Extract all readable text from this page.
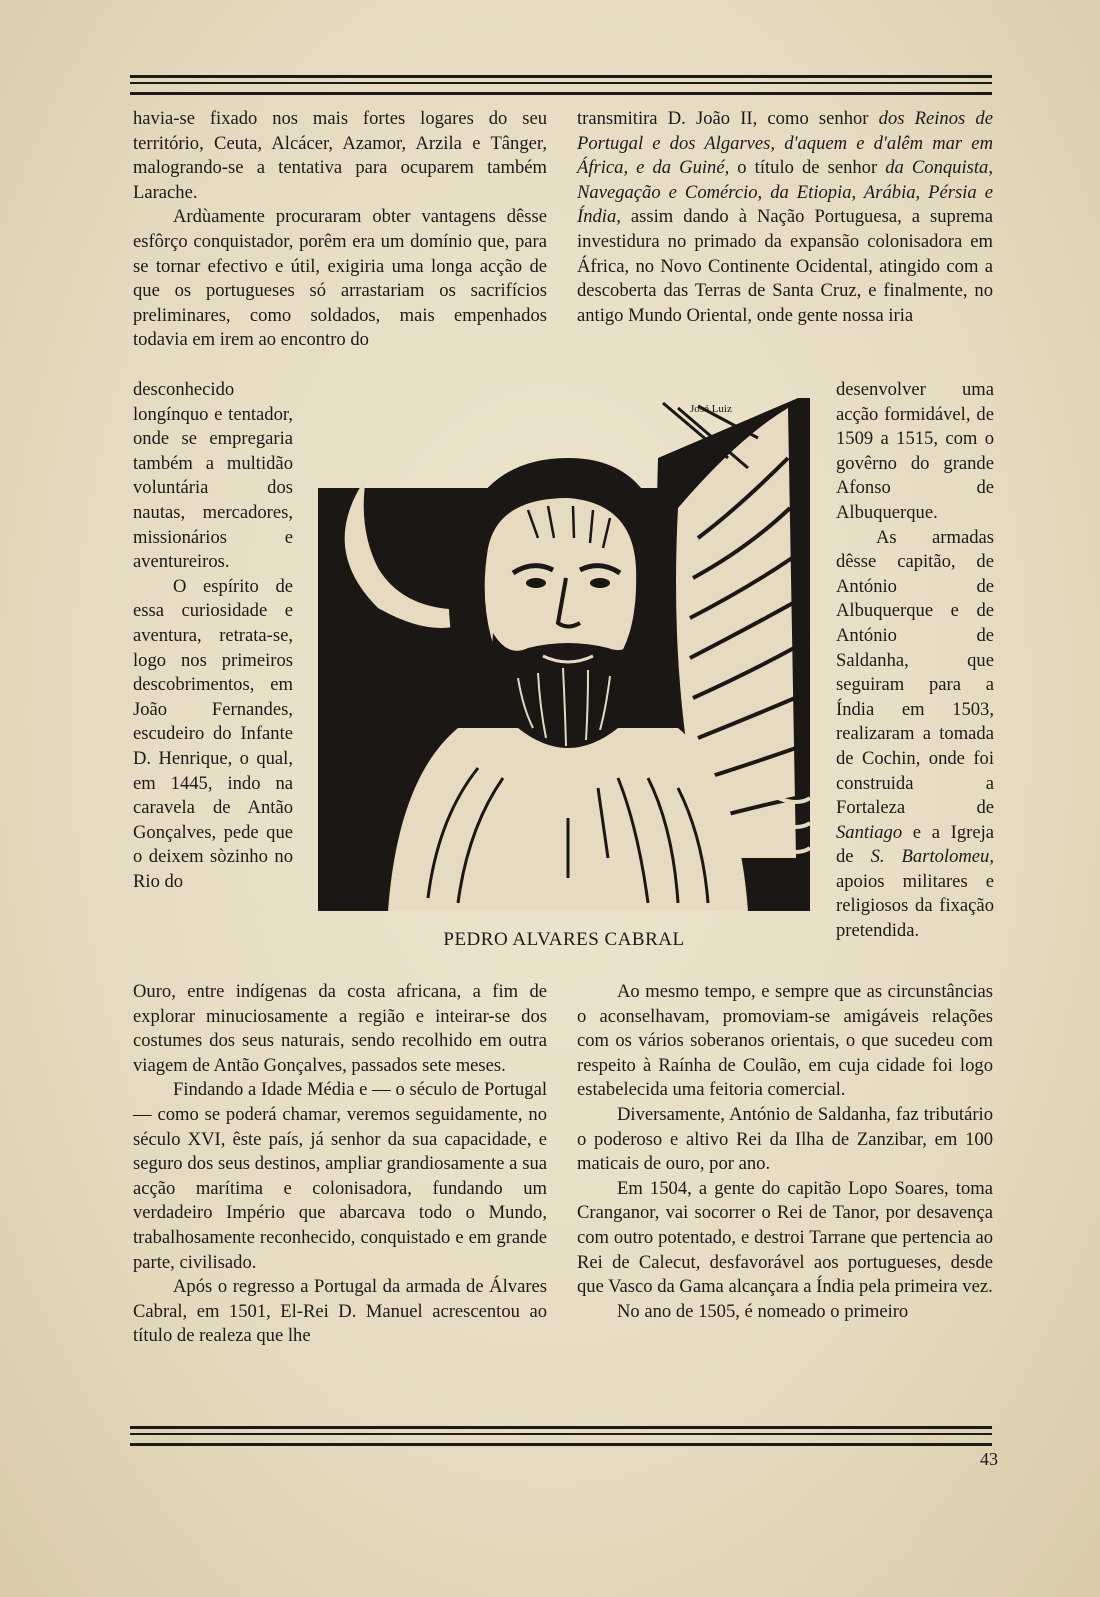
havia-se fixado nos mais fortes logares do seu território, Ceuta, Alcácer, Azamor, Arzila e Tânger, malogrando-se a tentativa para ocuparem também Larache.

Ardùamente procuraram obter vantagens dêsse esfôrço conquistador, porêm era um domínio que, para se tornar efectivo e útil, exigiria uma longa acção de que os portugueses só arrastariam os sacrifícios preliminares, como soldados, mais empenhados todavia em irem ao encontro do

desconhecido longínquo e tentador, onde se empregaria também a multidão voluntária dos nautas, mercadores, missionários e aventureiros.

O espírito de essa curiosidade e aventura, retrata-se, logo nos primeiros descobrimentos, em João Fernandes, escudeiro do Infante D. Henrique, o qual, em 1445, indo na caravela de Antão Gonçalves, pede que o deixem sòzinho no Rio do

Ouro, entre indígenas da costa africana, a fim de explorar minuciosamente a região e inteirar-se dos costumes dos seus naturais, sendo recolhido em outra viagem de Antão Gonçalves, passados sete meses.

Findando a Idade Média e — o século de Portugal — como se poderá chamar, veremos seguidamente, no século XVI, êste país, já senhor da sua capacidade, e seguro dos seus destinos, ampliar grandiosamente a sua acção marítima e colonisadora, fundando um verdadeiro Império que abarcava todo o Mundo, trabalhosamente reconhecido, conquistado e em grande parte, civilisado.

Após o regresso a Portugal da armada de Álvares Cabral, em 1501, El-Rei D. Manuel acrescentou ao título de realeza que lhe

transmitira D. João II, como senhor dos Reinos de Portugal e dos Algarves, d'aquem e d'alêm mar em África, e da Guiné, o título de senhor da Conquista, Navegação e Comércio, da Etiopia, Arábia, Pérsia e Índia, assim dando à Nação Portuguesa, a suprema investidura no primado da expansão colonisadora em África, no Novo Continente Ocidental, atingido com a descoberta das Terras de Santa Cruz, e finalmente, no antigo Mundo Oriental, onde gente nossa iria

desenvolver uma acção formidável, de 1509 a 1515, com o govêrno do grande Afonso de Albuquerque.

As armadas dêsse capitão, de António de Albuquerque e de António de Saldanha, que seguiram para a Índia em 1503, realizaram a tomada de Cochin, onde foi construida a Fortaleza de Santiago e a Igreja de S. Bartolomeu, apoios militares e religiosos da fixação pretendida.

Ao mesmo tempo, e sempre que as circunstâncias o aconselhavam, promoviam-se amigáveis relações com os vários soberanos orientais, o que sucedeu com respeito à Raínha de Coulão, em cuja cidade foi logo estabelecida uma feitoria comercial.

Diversamente, António de Saldanha, faz tributário o poderoso e altivo Rei da Ilha de Zanzibar, em 100 maticais de ouro, por ano.

Em 1504, a gente do capitão Lopo Soares, toma Cranganor, vai socorrer o Rei de Tanor, por desavença com outro potentado, e destroi Tarrane que pertencia ao Rei de Calecut, desfavorável aos portugueses, desde que Vasco da Gama alcançara a Índia pela primeira vez.

No ano de 1505, é nomeado o primeiro

José Luiz
PEDRO ALVARES CABRAL
43
